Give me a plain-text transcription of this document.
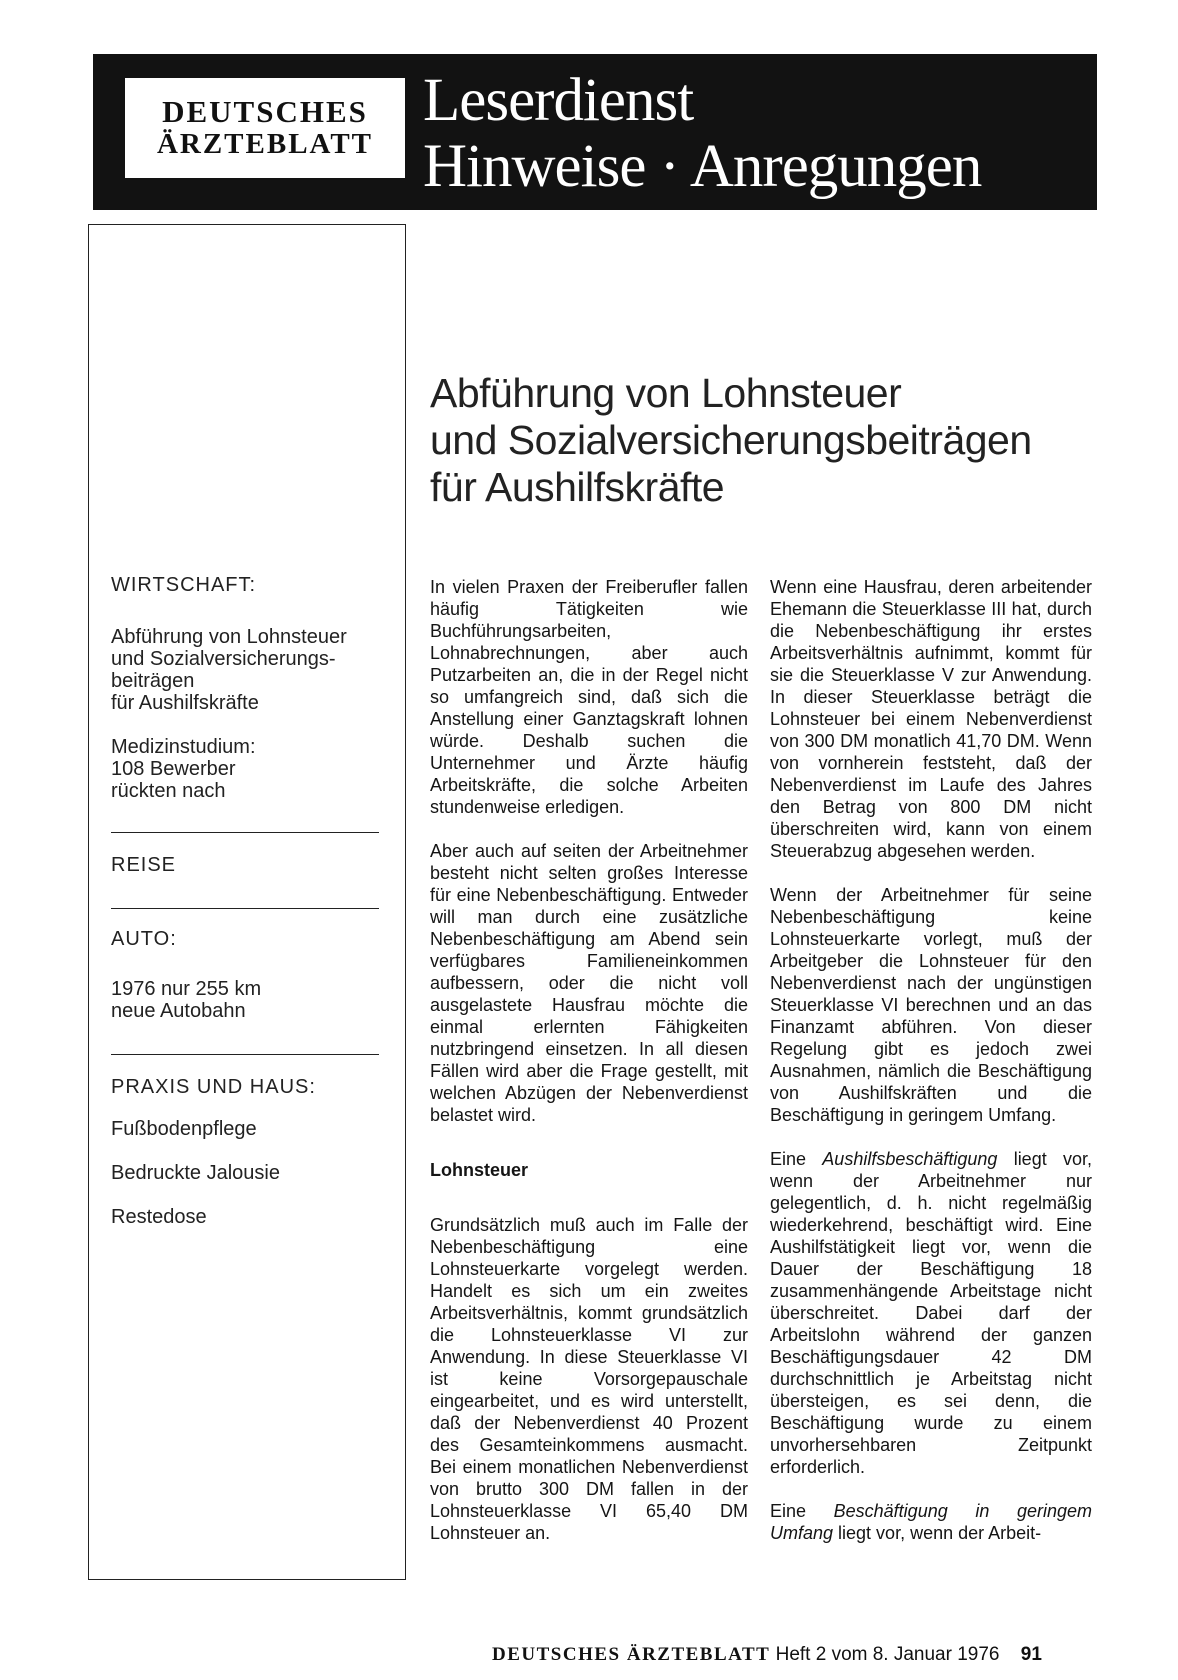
DEUTSCHES
ÄRZTEBLATT
Leserdienst
Hinweise · Anregungen
WIRTSCHAFT:
Abführung von Lohnsteuer
und Sozialversicherungs-
beiträgen
für Aushilfskräfte
Medizinstudium:
108 Bewerber
rückten nach
REISE
AUTO:
1976 nur 255 km
neue Autobahn
PRAXIS UND HAUS:
Fußbodenpflege
Bedruckte Jalousie
Restedose
Abführung von Lohnsteuer
und Sozialversicherungsbeiträgen
für Aushilfskräfte

In vielen Praxen der Freiberufler fallen häufig Tätigkeiten wie Buchführungsarbeiten, Lohnabrechnungen, aber auch Putzarbeiten an, die in der Regel nicht so umfangreich sind, daß sich die Anstellung einer Ganztagskraft lohnen würde. Deshalb suchen die Unternehmer und Ärzte häufig Arbeitskräfte, die solche Arbeiten stundenweise erledigen.

Aber auch auf seiten der Arbeitnehmer besteht nicht selten großes Interesse für eine Nebenbeschäftigung. Entweder will man durch eine zusätzliche Nebenbeschäftigung am Abend sein verfügbares Familieneinkommen aufbessern, oder die nicht voll ausgelastete Hausfrau möchte die einmal erlernten Fähigkeiten nutzbringend einsetzen. In all diesen Fällen wird aber die Frage gestellt, mit welchen Abzügen der Nebenverdienst belastet wird.

Lohnsteuer

Grundsätzlich muß auch im Falle der Nebenbeschäftigung eine Lohnsteuerkarte vorgelegt werden. Handelt es sich um ein zweites Arbeitsverhältnis, kommt grundsätzlich die Lohnsteuerklasse VI zur Anwendung. In diese Steuerklasse VI ist keine Vorsorgepauschale eingearbeitet, und es wird unterstellt, daß der Nebenverdienst 40 Prozent des Gesamteinkommens ausmacht. Bei einem monatlichen Nebenverdienst von brutto 300 DM fallen in der Lohnsteuerklasse VI 65,40 DM Lohnsteuer an.

Wenn eine Hausfrau, deren arbeitender Ehemann die Steuerklasse III hat, durch die Nebenbeschäftigung ihr erstes Arbeitsverhältnis aufnimmt, kommt für sie die Steuerklasse V zur Anwendung. In dieser Steuerklasse beträgt die Lohnsteuer bei einem Nebenverdienst von 300 DM monatlich 41,70 DM. Wenn von vornherein feststeht, daß der Nebenverdienst im Laufe des Jahres den Betrag von 800 DM nicht überschreiten wird, kann von einem Steuerabzug abgesehen werden.

Wenn der Arbeitnehmer für seine Nebenbeschäftigung keine Lohnsteuerkarte vorlegt, muß der Arbeitgeber die Lohnsteuer für den Nebenverdienst nach der ungünstigen Steuerklasse VI berechnen und an das Finanzamt abführen. Von dieser Regelung gibt es jedoch zwei Ausnahmen, nämlich die Beschäftigung von Aushilfskräften und die Beschäftigung in geringem Umfang.

Eine Aushilfsbeschäftigung liegt vor, wenn der Arbeitnehmer nur gelegentlich, d. h. nicht regelmäßig wiederkehrend, beschäftigt wird. Eine Aushilfstätigkeit liegt vor, wenn die Dauer der Beschäftigung 18 zusammenhängende Arbeitstage nicht überschreitet. Dabei darf der Arbeitslohn während der ganzen Beschäftigungsdauer 42 DM durchschnittlich je Arbeitstag nicht übersteigen, es sei denn, die Beschäftigung wurde zu einem unvorhersehbaren Zeitpunkt erforderlich.

Eine Beschäftigung in geringem Umfang liegt vor, wenn der Arbeit-

DEUTSCHES ÄRZTEBLATT Heft 2 vom 8. Januar 1976 91
